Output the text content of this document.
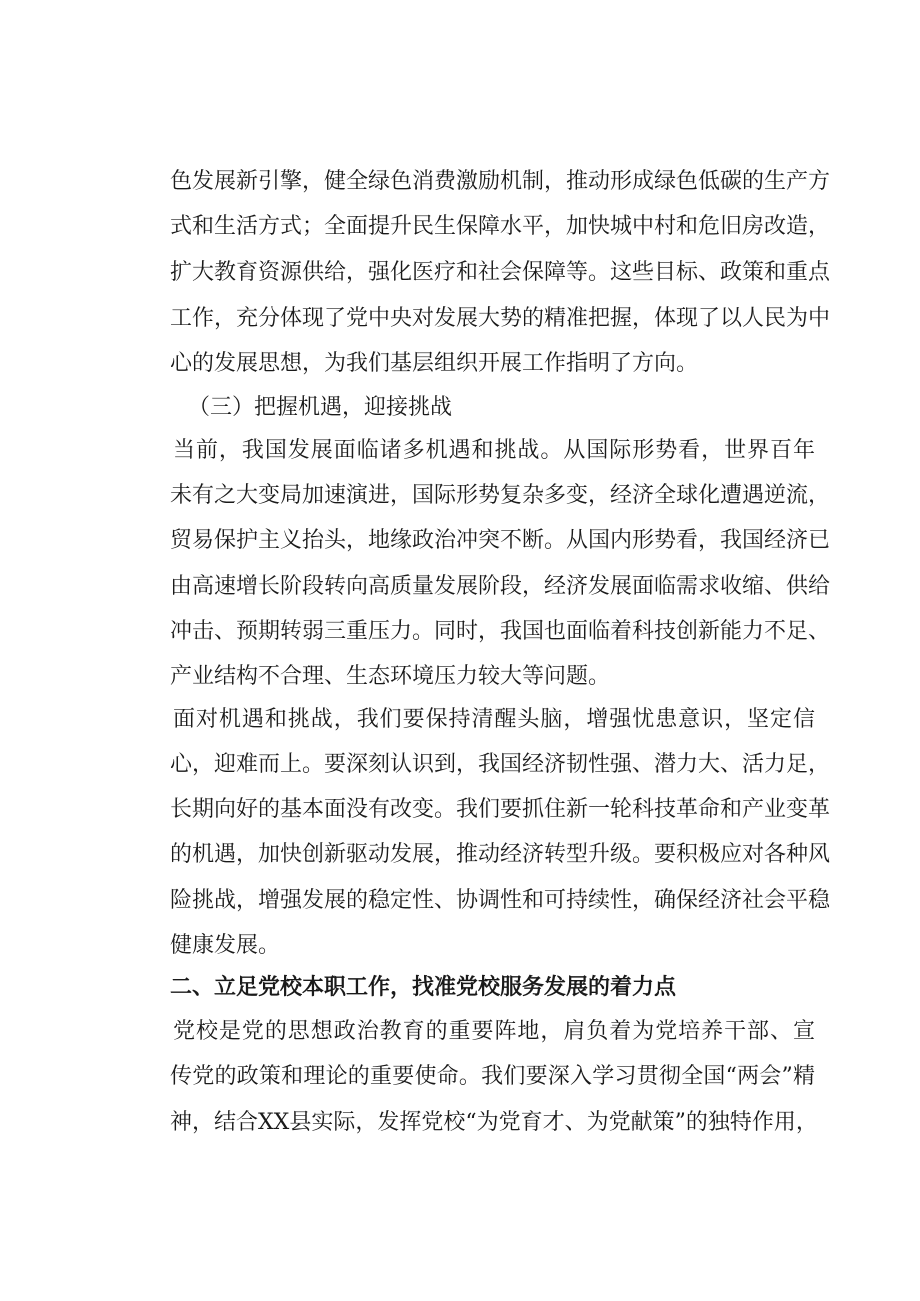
色发展新引擎，健全绿色消费激励机制，推动形成绿色低碳的生产方
式和生活方式；全面提升民生保障水平，加快城中村和危旧房改造，
扩大教育资源供给，强化医疗和社会保障等。这些目标、政策和重点
工作，充分体现了党中央对发展大势的精准把握，体现了以人民为中
心的发展思想，为我们基层组织开展工作指明了方向。
（三）把握机遇，迎接挑战
当前，我国发展面临诸多机遇和挑战。从国际形势看，世界百年
未有之大变局加速演进，国际形势复杂多变，经济全球化遭遇逆流，
贸易保护主义抬头，地缘政治冲突不断。从国内形势看，我国经济已
由高速增长阶段转向高质量发展阶段，经济发展面临需求收缩、供给
冲击、预期转弱三重压力。同时，我国也面临着科技创新能力不足、
产业结构不合理、生态环境压力较大等问题。
面对机遇和挑战，我们要保持清醒头脑，增强忧患意识，坚定信
心，迎难而上。要深刻认识到，我国经济韧性强、潜力大、活力足，
长期向好的基本面没有改变。我们要抓住新一轮科技革命和产业变革
的机遇，加快创新驱动发展，推动经济转型升级。要积极应对各种风
险挑战，增强发展的稳定性、协调性和可持续性，确保经济社会平稳
健康发展。
二、立足党校本职工作，找准党校服务发展的着力点
党校是党的思想政治教育的重要阵地，肩负着为党培养干部、宣
传党的政策和理论的重要使命。我们要深入学习贯彻全国“两会”精
神，结合XX县实际，发挥党校“为党育才、为党献策”的独特作用，
